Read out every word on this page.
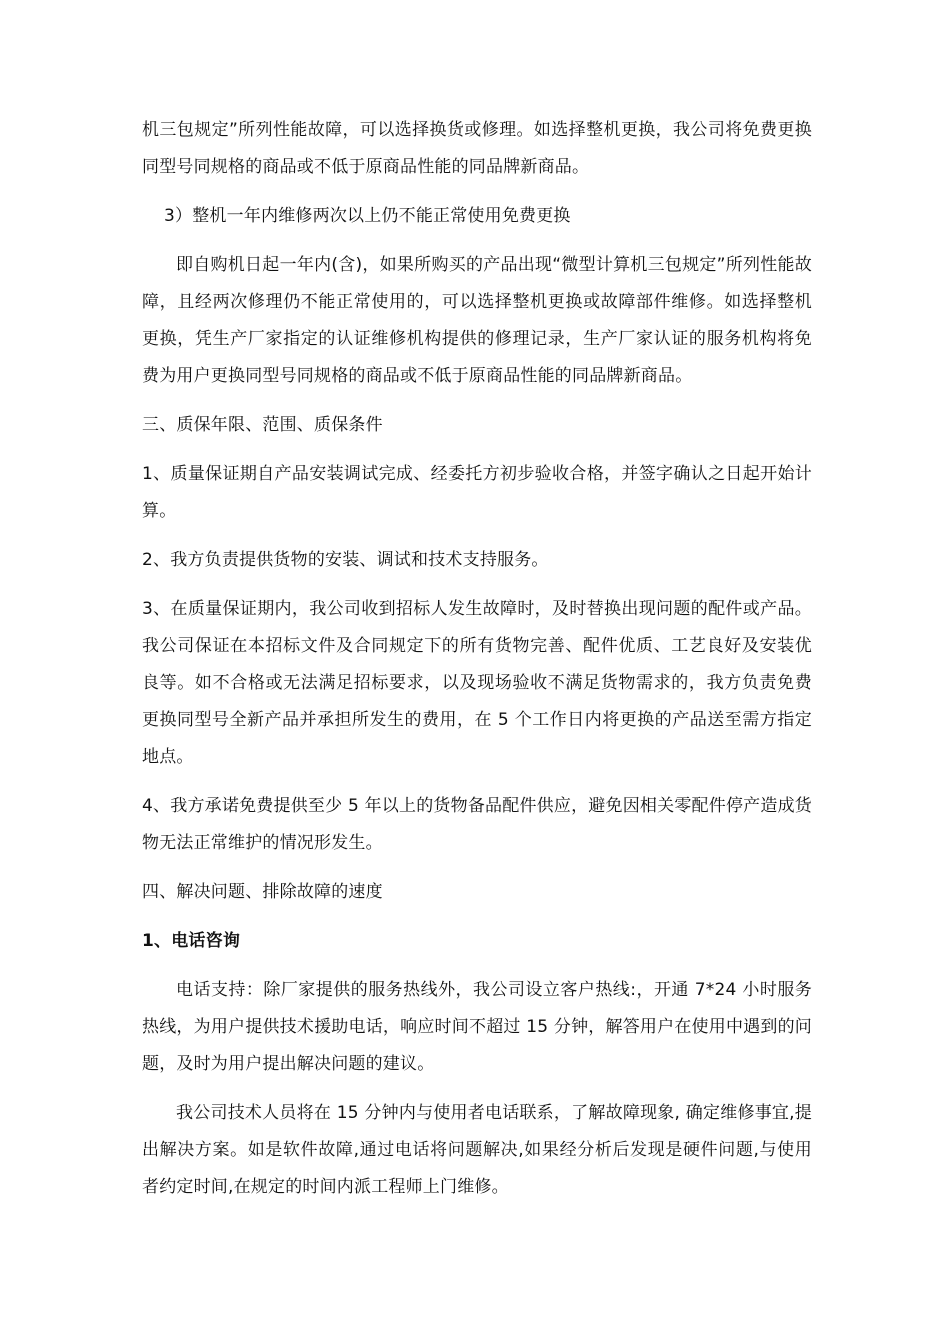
机三包规定”所列性能故障，可以选择换货或修理。如选择整机更换，我公司将免费更换同型号同规格的商品或不低于原商品性能的同品牌新商品。

3）整机一年内维修两次以上仍不能正常使用免费更换

即自购机日起一年内(含)，如果所购买的产品出现“微型计算机三包规定”所列性能故障，且经两次修理仍不能正常使用的，可以选择整机更换或故障部件维修。如选择整机更换，凭生产厂家指定的认证维修机构提供的修理记录，生产厂家认证的服务机构将免费为用户更换同型号同规格的商品或不低于原商品性能的同品牌新商品。

三、质保年限、范围、质保条件

1、质量保证期自产品安装调试完成、经委托方初步验收合格，并签字确认之日起开始计算。

2、我方负责提供货物的安装、调试和技术支持服务。

3、在质量保证期内，我公司收到招标人发生故障时，及时替换出现问题的配件或产品。我公司保证在本招标文件及合同规定下的所有货物完善、配件优质、工艺良好及安装优良等。如不合格或无法满足招标要求，以及现场验收不满足货物需求的，我方负责免费更换同型号全新产品并承担所发生的费用，在 5 个工作日内将更换的产品送至需方指定地点。

4、我方承诺免费提供至少 5 年以上的货物备品配件供应，避免因相关零配件停产造成货物无法正常维护的情况形发生。

四、解决问题、排除故障的速度

1、电话咨询

电话支持：除厂家提供的服务热线外，我公司设立客户热线:，开通 7*24 小时服务热线，为用户提供技术援助电话，响应时间不超过 15 分钟，解答用户在使用中遇到的问题，及时为用户提出解决问题的建议。

我公司技术人员将在 15 分钟内与使用者电话联系，了解故障现象, 确定维修事宜,提出解决方案。如是软件故障,通过电话将问题解决,如果经分析后发现是硬件问题,与使用者约定时间,在规定的时间内派工程师上门维修。
